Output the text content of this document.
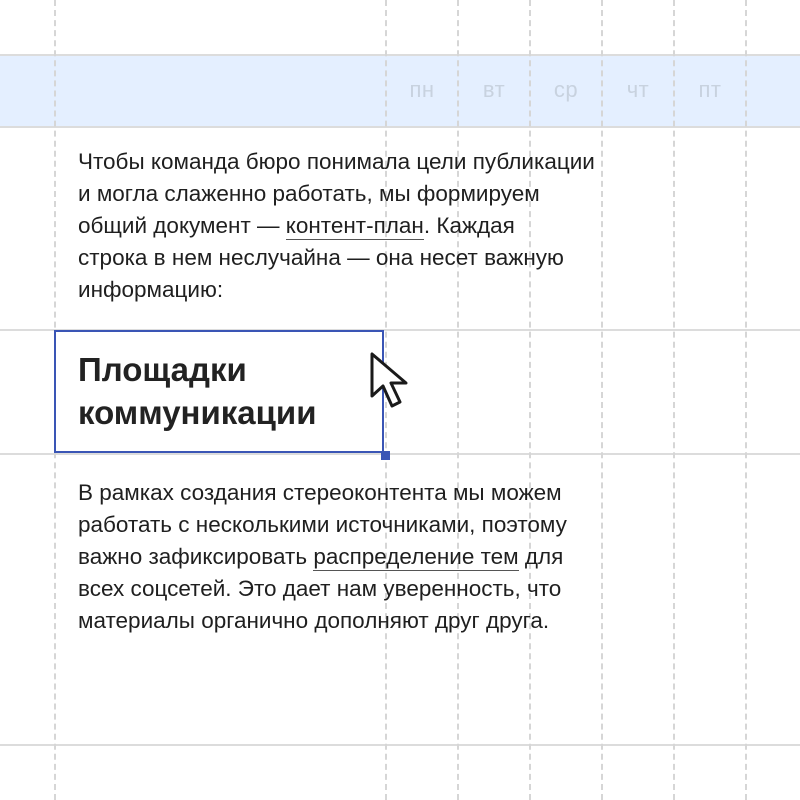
пн	вт	ср	чт	пт
Чтобы команда бюро понимала цели публикации
и могла слаженно работать, мы формируем
общий документ — контент-план. Каждая
строка в нем неслучайна — она несет важную
информацию:
Площадки
коммуникации
В рамках создания стереоконтента мы можем
работать с несколькими источниками, поэтому
важно зафиксировать распределение тем для
всех соцсетей. Это дает нам уверенность, что
материалы органично дополняют друг друга.
